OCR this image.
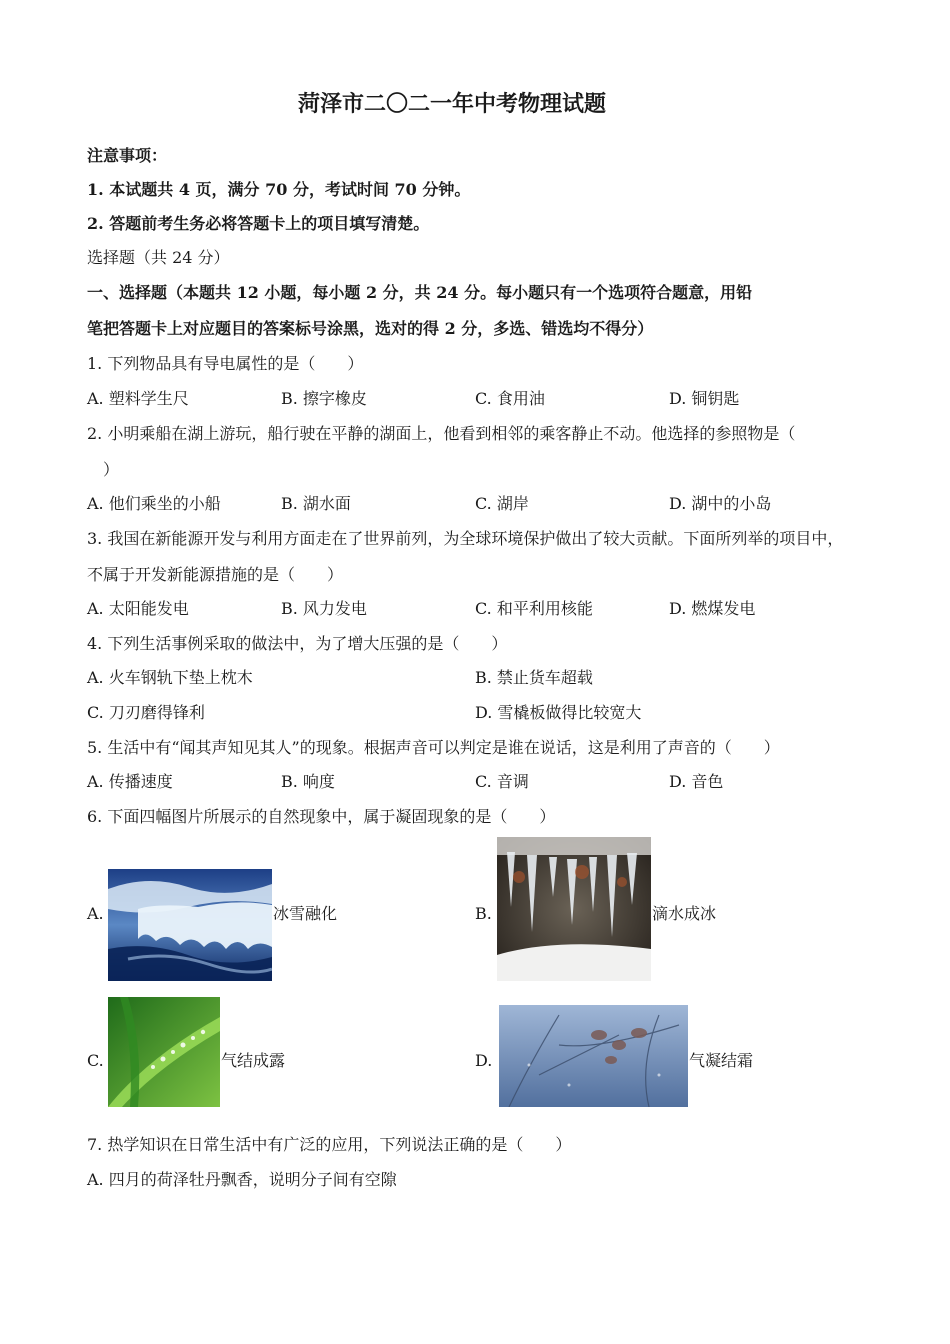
菏泽市二〇二一年中考物理试题
注意事项：
1. 本试题共 4 页，满分 70 分，考试时间 70 分钟。
2. 答题前考生务必将答题卡上的项目填写清楚。
选择题（共 24 分）
一、选择题（本题共 12 小题，每小题 2 分，共 24 分。每小题只有一个选项符合题意，用铅
笔把答题卡上对应题目的答案标号涂黑，选对的得 2 分，多选、错选均不得分）
1. 下列物品具有导电属性的是（　　）
A. 塑料学生尺	B. 擦字橡皮	C. 食用油	D. 铜钥匙
2. 小明乘船在湖上游玩，船行驶在平静的湖面上，他看到相邻的乘客静止不动。他选择的参照物是（
）
A. 他们乘坐的小船	B. 湖水面	C. 湖岸	D. 湖中的小岛
3. 我国在新能源开发与利用方面走在了世界前列，为全球环境保护做出了较大贡献。下面所列举的项目中，
不属于开发新能源措施的是（　　）
A. 太阳能发电	B. 风力发电	C. 和平利用核能	D. 燃煤发电
4. 下列生活事例采取的做法中，为了增大压强的是（　　）
A. 火车钢轨下垫上枕木	B. 禁止货车超载
C. 刀刃磨得锋利	D. 雪橇板做得比较宽大
5. 生活中有“闻其声知见其人”的现象。根据声音可以判定是谁在说话，这是利用了声音的（　　）
A. 传播速度	B. 响度	C. 音调	D. 音色
6. 下面四幅图片所展示的自然现象中，属于凝固现象的是（　　）
A.	冰雪融化	B.	滴水成冰
C.	气结成露	D.	气凝结霜
7. 热学知识在日常生活中有广泛的应用，下列说法正确的是（　　）
A. 四月的荷泽牡丹飘香，说明分子间有空隙
